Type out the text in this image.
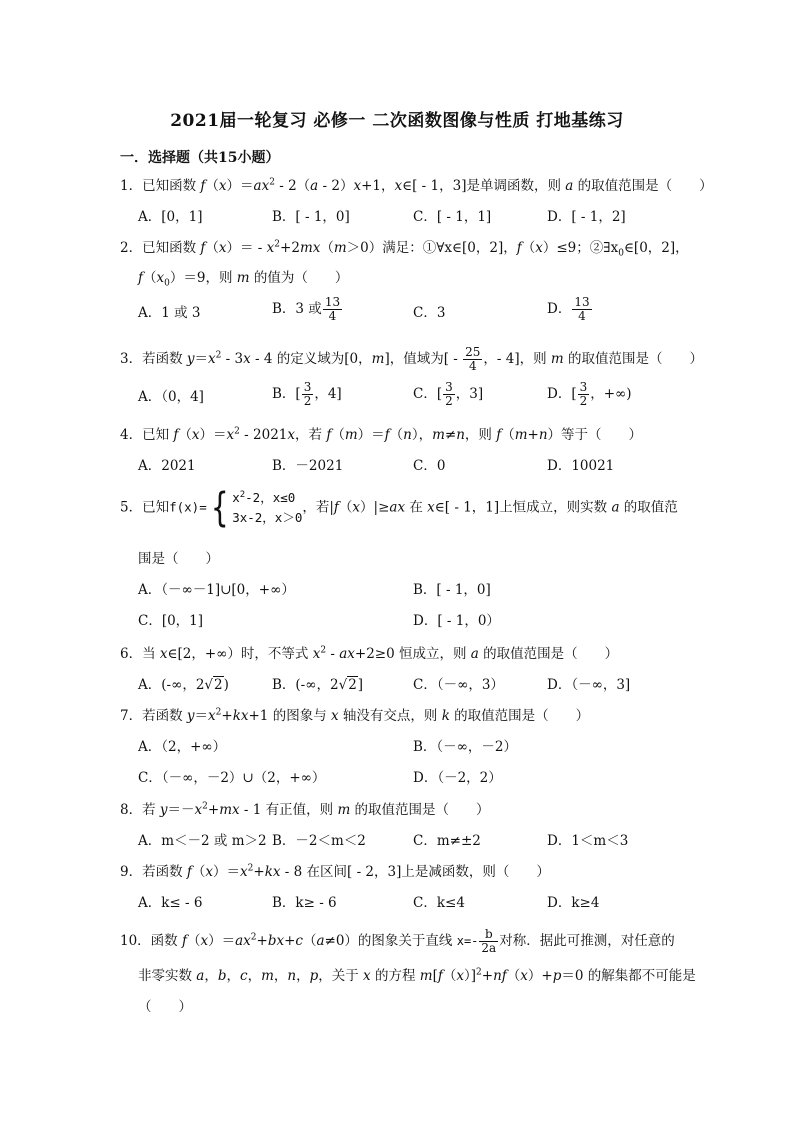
2021届一轮复习 必修一 二次函数图像与性质 打地基练习
一．选择题（共15小题）
1．已知函数 $f(x)=ax^2 - 2(a - 2)x+1$，x∈[ - 1，3]是单调函数，则 a 的取值范围是（　　）
A．[0，1]	B．[ - 1，0]	C．[ - 1，1]	D．[ - 1，2]
2．已知函数 $f(x)= - x^2+2mx(m>0)$满足：①∀x∈[0，2]，f（x）≤9；$②\exists x_0\in[0$，2]，
$f(x_0)=9$，则 m 的值为（　　）
A．1 或 3	B．3 或 $\frac{13}{4}$	C．3	D． $\frac{13}{4}$
3．若函数 $y=x^2 - 3x - 4$ 的定义域为[0，m]，值域为[ - $\frac{25}{4}$ ，- 4]，则 m 的取值范围是（　　）
A．（0，4]	B．[ $\frac{3}{2}$ ，4]	C．[ $\frac{3}{2}$ ，3]	D．[ $\frac{3}{2}$ ，+∞)
4．已知 $f(x)=x^2 - 2021x$，若 f（m）＝f（n），m≠n，则 f（m+n）等于（　　）
A．2021	B．－2021	C．0	D．10021
5．已知f(x)={ $x^2-2$，x≤0
3x-2，x＞0
，若|f（x）|≥ax 在 x∈[ - 1，1]上恒成立，则实数 a 的取值范
围是（　　）
A．（－∞－1]∪[0，+∞）	B．[ - 1，0]
C．[0，1]	D．[ - 1，0）
6．当 x∈[2，+∞）时，不等式 $x^2 - ax+2\ge 0$ 恒成立，则 a 的取值范围是（　　）
A．(-∞，2√2)	B．(-∞，2√2]	C．（－∞，3）	D．（－∞，3]
7．若函数 $y=x^2+kx+1$ 的图象与 x 轴没有交点，则 k 的取值范围是（　　）
A．（2，+∞）	B．（－∞，－2）
C．（－∞，－2）∪（2，+∞）	D．（－2，2）
8．若 $y=-x^2+mx - 1$ 有正值，则 m 的取值范围是（　　）
A．m＜－2 或 m＞2 B．－2＜m＜2	C．m≠±2	D．1＜m＜3
9．若函数 $f(x)=x^2+kx - 8$ 在区间[ - 2，3]上是减函数，则（　　）
A．k≤ - 6	B．k≥ - 6	C．k≤4	D．k≥4
10．函数 $f(x)=ax^2+bx+c(a\ne 0)$的图象关于直线 $x=- \frac{b}{2a}$ 对称．据此可推测，对任意的
非零实数 a，b，c，m，n，p，关于 x 的方程 $m[f(x)]^2+nf(x)+p=0$ 的解集都不可能是
（　　）
